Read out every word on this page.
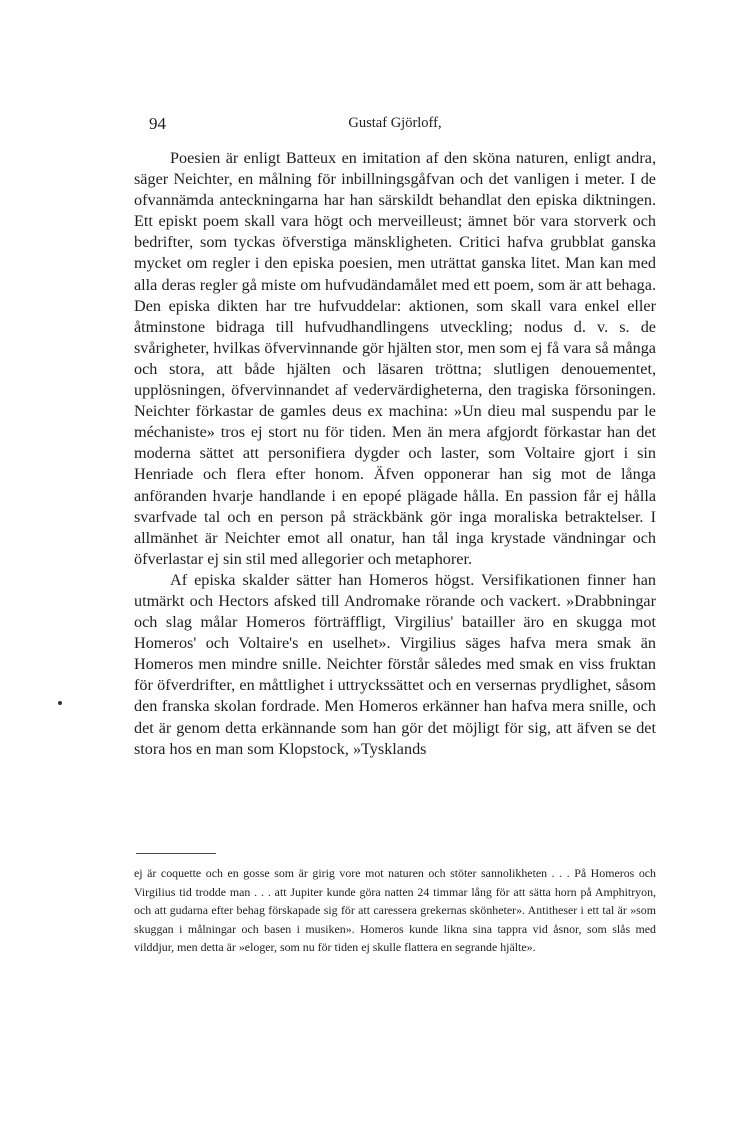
94	Gustaf Gjörloff,

Poesien är enligt Batteux en imitation af den sköna naturen, enligt andra, säger Neichter, en målning för inbillningsgåfvan och det vanligen i meter. I de ofvannämda anteckningarna har han särskildt behandlat den episka diktningen. Ett episkt poem skall vara högt och merveilleust; ämnet bör vara storverk och bedrifter, som tyckas öfverstiga mänskligheten. Critici hafva grubblat ganska mycket om regler i den episka poesien, men uträttat ganska litet. Man kan med alla deras regler gå miste om hufvudändamålet med ett poem, som är att behaga. Den episka dikten har tre hufvuddelar: aktionen, som skall vara enkel eller åtminstone bidraga till hufvudhandlingens utveckling; nodus d. v. s. de svårigheter, hvilkas öfvervinnande gör hjälten stor, men som ej få vara så många och stora, att både hjälten och läsaren tröttna; slutligen denouementet, upplösningen, öfvervinnandet af vedervärdigheterna, den tragiska försoningen. Neichter förkastar de gamles deus ex machina: »Un dieu mal suspendu par le méchaniste» tros ej stort nu för tiden. Men än mera afgjordt förkastar han det moderna sättet att personifiera dygder och laster, som Voltaire gjort i sin Henriade och flera efter honom. Äfven opponerar han sig mot de långa anföranden hvarje handlande i en epopé plägade hålla. En passion får ej hålla svarfvade tal och en person på sträckbänk gör inga moraliska betraktelser. I allmänhet är Neichter emot all onatur, han tål inga krystade vändningar och öfverlastar ej sin stil med allegorier och metaphorer.

Af episka skalder sätter han Homeros högst. Versifikationen finner han utmärkt och Hectors afsked till Andromake rörande och vackert. »Drabbningar och slag målar Homeros förträffligt, Virgilius' batailler äro en skugga mot Homeros' och Voltaire's en uselhet». Virgilius säges hafva mera smak än Homeros men mindre snille. Neichter förstår således med smak en viss fruktan för öfverdrifter, en måttlighet i uttryckssättet och en versernas prydlighet, såsom den franska skolan fordrade. Men Homeros erkänner han hafva mera snille, och det är genom detta erkännande som han gör det möjligt för sig, att äfven se det stora hos en man som Klopstock, »Tysklands

ej är coquette och en gosse som är girig vore mot naturen och stöter sannolikheten . . . På Homeros och Virgilius tid trodde man . . . att Jupiter kunde göra natten 24 timmar lång för att sätta horn på Amphitryon, och att gudarna efter behag förskapade sig för att caressera grekernas skönheter». Antitheser i ett tal är »som skuggan i målningar och basen i musiken». Homeros kunde likna sina tappra vid åsnor, som slås med vilddjur, men detta är »eloger, som nu för tiden ej skulle flattera en segrande hjälte».
